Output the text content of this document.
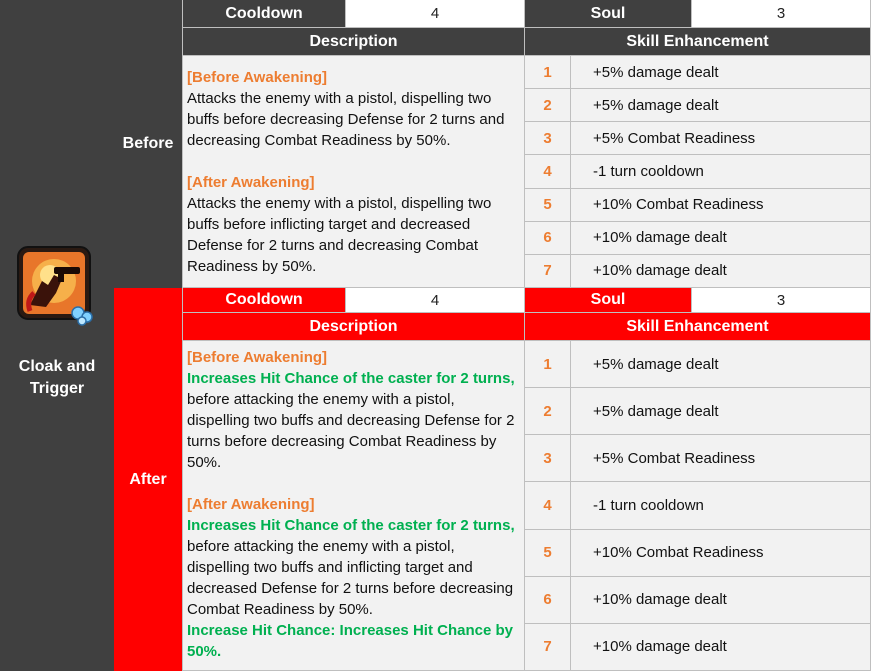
Cloak and Trigger
Before
Cooldown	4	Soul	3
Description	Skill Enhancement

[Before Awakening]

Attacks the enemy with a pistol, dispelling two buffs before decreasing Defense for 2 turns and decreasing Combat Readiness by 50%.

[After Awakening]

Attacks the enemy with a pistol, dispelling two buffs before inflicting target and decreased Defense for 2 turns and decreasing Combat Readiness by 50%.

1	+5% damage dealt
2	+5% damage dealt
3	+5% Combat Readiness
4	-1 turn cooldown
5	+10% Combat Readiness
6	+10% damage dealt
7	+10% damage dealt
After
Cooldown	4	Soul	3
Description	Skill Enhancement

[Before Awakening]

Increases Hit Chance of the caster for 2 turns, before attacking the enemy with a pistol, dispelling two buffs and decreasing Defense for 2 turns before decreasing Combat Readiness by 50%.

[After Awakening]

Increases Hit Chance of the caster for 2 turns, before attacking the enemy with a pistol, dispelling two buffs and inflicting target and decreased Defense for 2 turns before decreasing Combat Readiness by 50%.

Increase Hit Chance: Increases Hit Chance by 50%.

1	+5% damage dealt
2	+5% damage dealt
3	+5% Combat Readiness
4	-1 turn cooldown
5	+10% Combat Readiness
6	+10% damage dealt
7	+10% damage dealt
